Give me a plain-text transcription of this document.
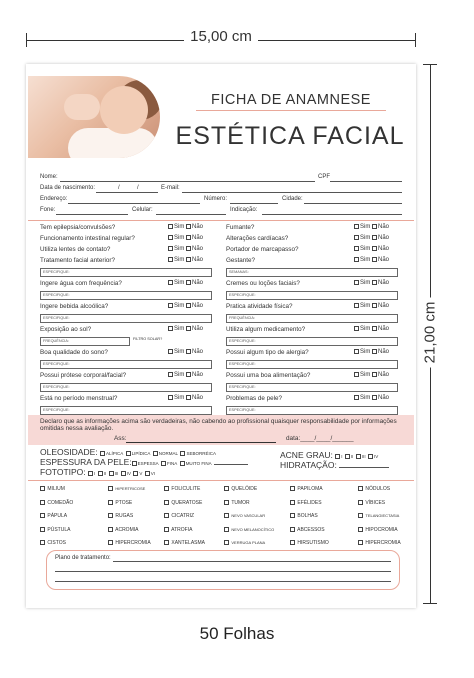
15,00 cm
21,00 cm
FICHA DE ANAMNESE
ESTÉTICA FACIAL
Nome:	CPF
Data de nascimento:	/	/	E-mail:
Endereço:	Número:	Cidade:
Fone:	Celular:	Indicação:
Tem epilepsia/convulsões?	Sim Não
Funcionamento intestinal regular?	Sim Não
Utiliza lentes de contato?	Sim Não
Tratamento facial anterior?	Sim Não
ESPECIFIQUE:
Ingere água com frequência?	Sim Não
ESPECIFIQUE:
Ingere bebida alcoólica?	Sim Não
ESPECIFIQUE:
Exposição ao sol?	Sim Não
FILTRO SOLAR?
FREQUÊNCIA:
Boa qualidade do sono?	Sim Não
ESPECIFIQUE:
Possui prótese corporal/facial?	Sim Não
ESPECIFIQUE:
Está no período menstrual?	Sim Não
ESPECIFIQUE:
Fumante?	Sim Não
Alterações cardíacas?	Sim Não
Portador de marcapasso?	Sim Não
Gestante?	Sim Não
SEMANAS:
Cremes ou loções faciais?	Sim Não
ESPECIFIQUE:
Pratica atividade física?	Sim Não
FREQUÊNCIA:
Utiliza algum medicamento?	Sim Não
ESPECIFIQUE:
Possui algum tipo de alergia?	Sim Não
ESPECIFIQUE:
Possui uma boa alimentação?	Sim Não
ESPECIFIQUE:
Problemas de pele?	Sim Não
ESPECIFIQUE:
Declaro que as informações acima são verdadeiras, não cabendo ao profissional quaisquer responsabilidade por informações omitidas nessa avaliação.
Ass:	data:____/____/______
OLEOSIDADE: ALÍPICA LIPÍDICA NORMAL SEBORRÉICA
ESPESSURA DA PELE: ESPESSA FINA MUITO FINA
FOTOTIPO: I II III IV V VI
ACNE GRAU: I II III IV
HIDRATAÇÃO:
MILIUM	HIPERTRICOSE	FOLICULITE	QUELÓIDE	PAPILOMA	NÓDULOS
COMEDÃO	PTOSE	QUERATOSE	TUMOR	EFÉLIDES	VÍBICES
PÁPULA	RUGAS	CICATRIZ	NEVO VASCULAR	BOLHAS	TELANGIECTASIA
PÚSTULA	ACROMIA	ATROFIA	NEVO MELANOCÍTICO	ABCESSOS	HIPOCROMIA
CISTOS	HIPERCROMIA	XANTELASMA	VERRUGA PLANA	HIRSUTISMO	HIPERCROMIA
Plano de tratamento:
50 Folhas
